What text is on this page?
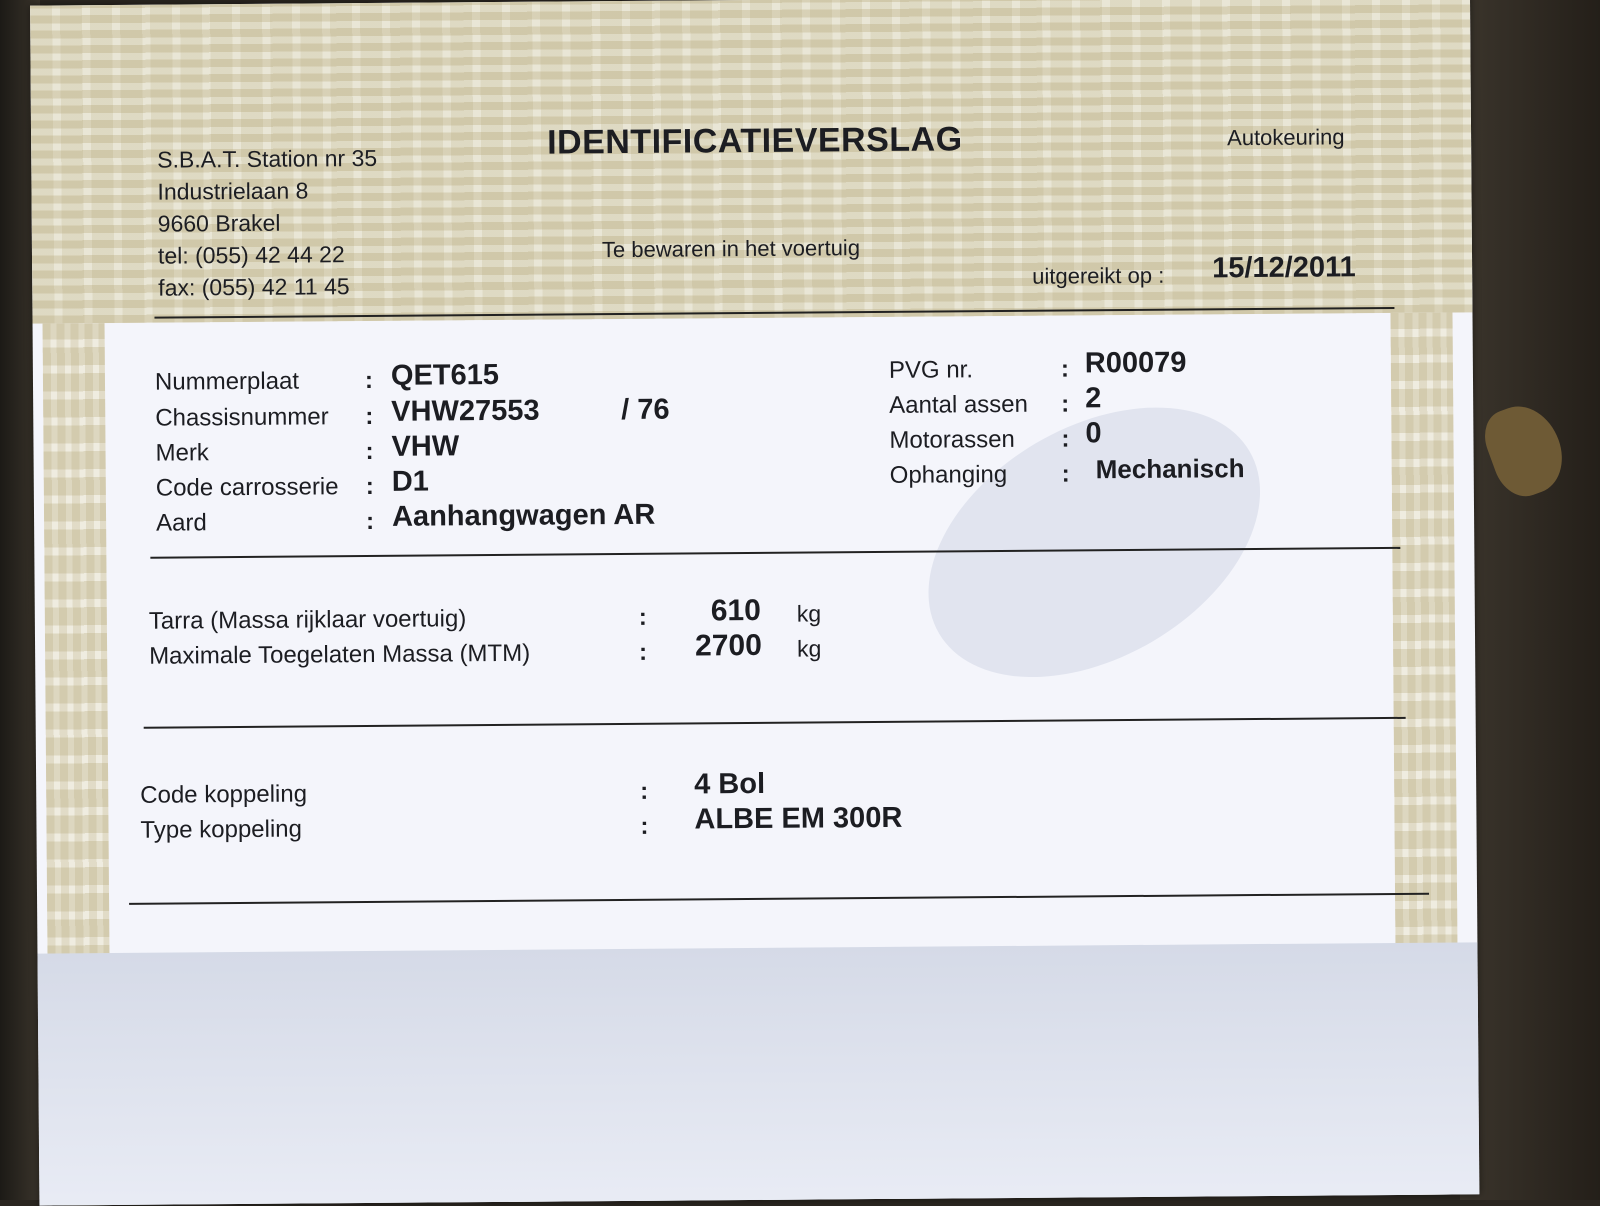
S.B.A.T. Station nr 35
Industrielaan 8
9660 Brakel
tel: (055) 42 44 22
fax: (055) 42 11 45
IDENTIFICATIEVERSLAG
Te bewaren in het voertuig
Autokeuring
uitgereikt op : 15/12/2011
Nummerplaat
Chassisnummer
Merk
Code carrosserie
Aard
:
:
:
:
:
QET615
VHW27553	/ 76
VHW
D1
Aanhangwagen AR
PVG nr.
Aantal assen
Motorassen
Ophanging
:
:
:
:
R00079
2
0
Mechanisch
Tarra (Massa rijklaar voertuig)
Maximale Toegelaten Massa (MTM)
:
:
610
2700
kg
kg
Code koppeling
Type koppeling
:
:
4 Bol
ALBE EM 300R
